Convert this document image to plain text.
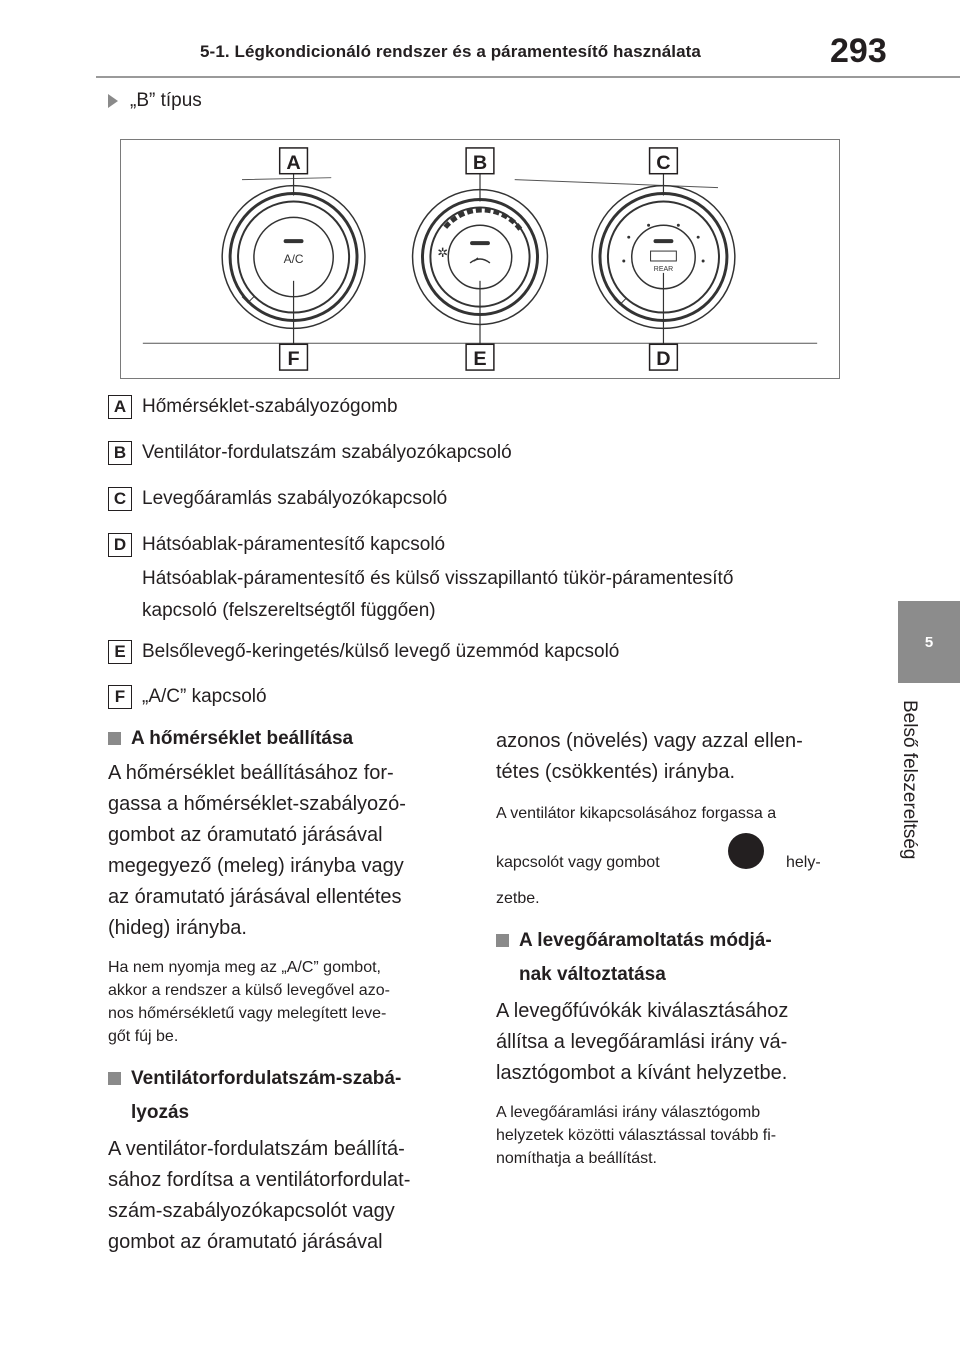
5-1. Légkondicionáló rendszer és a páramentesítő használata	293
5
Belső felszereltség
„B” típus
A/C	✲
REAR
A	B	C
F	E	D
A Hőmérséklet-szabályozógomb
B Ventilátor-fordulatszám szabályozókapcsoló
C Levegőáramlás szabályozókapcsoló
D Hátsóablak-páramentesítő kapcsoló
Hátsóablak-páramentesítő és külső visszapillantó tükör-páramentesítő
kapcsoló (felszereltségtől függően)
E Belsőlevegő-keringetés/külső levegő üzemmód kapcsoló
F „A/C” kapcsoló
A hőmérséklet beállítása
A hőmérséklet beállításához for-
gassa a hőmérséklet-szabályozó-
gombot az óramutató járásával
megegyező (meleg) irányba vagy
az óramutató járásával ellentétes
(hideg) irányba.
Ha nem nyomja meg az „A/C” gombot,
akkor a rendszer a külső levegővel azo-
nos hőmérsékletű vagy melegített leve-
gőt fúj be.
Ventilátorfordulatszám-szabá-
lyozás
A ventilátor-fordulatszám beállítá-
sához fordítsa a ventilátorfordulat-
szám-szabályozókapcsolót vagy
gombot az óramutató járásával
azonos (növelés) vagy azzal ellen-
tétes (csökkentés) irányba.
A ventilátor kikapcsolásához forgassa a
kapcsolót vagy gombot	hely-
zetbe.
A levegőáramoltatás módjá-
nak változtatása
A levegőfúvókák kiválasztásához
állítsa a levegőáramlási irány vá-
lasztógombot a kívánt helyzetbe.
A levegőáramlási irány választógomb
helyzetek közötti választással tovább fi-
nomíthatja a beállítást.
